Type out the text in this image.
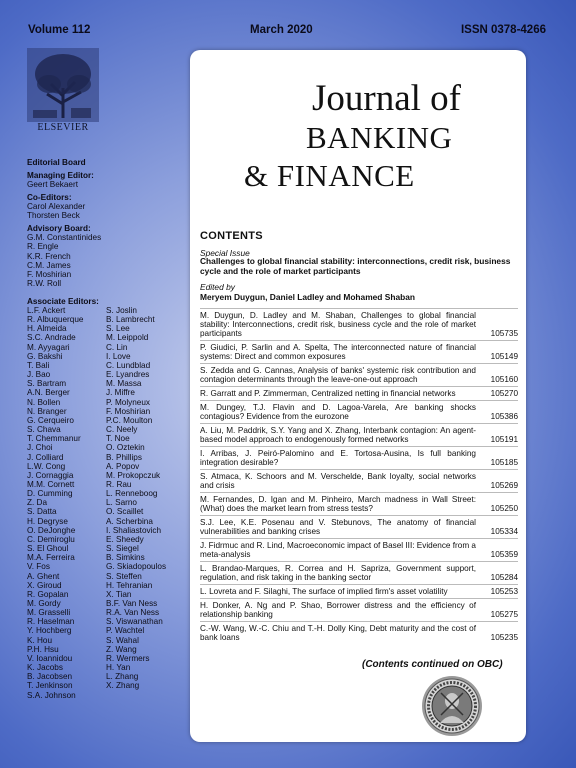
Volume 112	March 2020	ISSN 0378-4266
ELSEVIER
Editorial Board
Managing Editor:
Geert Bekaert
Co-Editors:
Carol Alexander
Thorsten Beck
Advisory Board:
G.M. Constantinides
R. Engle
K.R. French
C.M. James
F. Moshirian
R.W. Roll
Associate Editors:
L.F. Ackert
R. Albuquerque
H. Almeida
S.C. Andrade
M. Ayyagari
G. Bakshi
T. Bali
J. Bao
S. Bartram
A.N. Berger
N. Bollen
N. Branger
G. Cerqueiro
S. Chava
T. Chemmanur
J. Choi
J. Colliard
L.W. Cong
J. Cornaggia
M.M. Cornett
D. Cumming
Z. Da
S. Datta
H. Degryse
O. DeJonghe
C. Demiroglu
S. El Ghoul
M.A. Ferreira
V. Fos
A. Ghent
X. Giroud
R. Gopalan
M. Gordy
M. Grasselli
R. Haselman
Y. Hochberg
K. Hou
P.H. Hsu
V. Ioannidou
K. Jacobs
B. Jacobsen
T. Jenkinson
S.A. Johnson
S. Joslin
B. Lambrecht
S. Lee
M. Leippold
C. Lin
I. Love
C. Lundblad
E. Lyandres
M. Massa
J. Miffre
P. Molyneux
F. Moshirian
P.C. Moulton
C. Neely
T. Noe
O. Oztekin
B. Phillips
A. Popov
M. Prokopczuk
R. Rau
L. Renneboog
L. Sarno
O. Scaillet
A. Scherbina
I. Shaliastovich
E. Sheedy
S. Siegel
B. Simkins
G. Skiadopoulos
S. Steffen
H. Tehranian
X. Tian
B.F. Van Ness
R.A. Van Ness
S. Viswanathan
P. Wachtel
S. Wahal
Z. Wang
R. Wermers
H. Yan
L. Zhang
X. Zhang
Journal of
BANKING
& FINANCE
CONTENTS
Special Issue
Challenges to global financial stability: interconnections, credit risk, business cycle and the role of market participants
Edited by
Meryem Duygun, Daniel Ladley and Mohamed Shaban
M. Duygun, D. Ladley and M. Shaban, Challenges to global financial stability: Interconnections, credit risk, business cycle and the role of market participants	105735
P. Giudici, P. Sarlin and A. Spelta, The interconnected nature of financial systems: Direct and common exposures	105149
S. Zedda and G. Cannas, Analysis of banks' systemic risk contribution and contagion determinants through the leave-one-out approach	105160
R. Garratt and P. Zimmerman, Centralized netting in financial networks	105270
M. Dungey, T.J. Flavin and D. Lagoa-Varela, Are banking shocks contagious? Evidence from the eurozone	105386
A. Liu, M. Paddrik, S.Y. Yang and X. Zhang, Interbank contagion: An agent-based model approach to endogenously formed networks	105191
I. Arribas, J. Peiró-Palomino and E. Tortosa-Ausina, Is full banking integration desirable?	105185
S. Atmaca, K. Schoors and M. Verschelde, Bank loyalty, social networks and crisis	105269
M. Fernandes, D. Igan and M. Pinheiro, March madness in Wall Street: (What) does the market learn from stress tests?	105250
S.J. Lee, K.E. Posenau and V. Stebunovs, The anatomy of financial vulnerabilities and banking crises	105334
J. Fidrmuc and R. Lind, Macroeconomic impact of Basel III: Evidence from a meta-analysis	105359
L. Brandao-Marques, R. Correa and H. Sapriza, Government support, regulation, and risk taking in the banking sector	105284
L. Lovreta and F. Silaghi, The surface of implied firm's asset volatility	105253
H. Donker, A. Ng and P. Shao, Borrower distress and the efficiency of relationship banking	105275
C.-W. Wang, W.-C. Chiu and T.-H. Dolly King, Debt maturity and the cost of bank loans	105235
(Contents continued on OBC)
